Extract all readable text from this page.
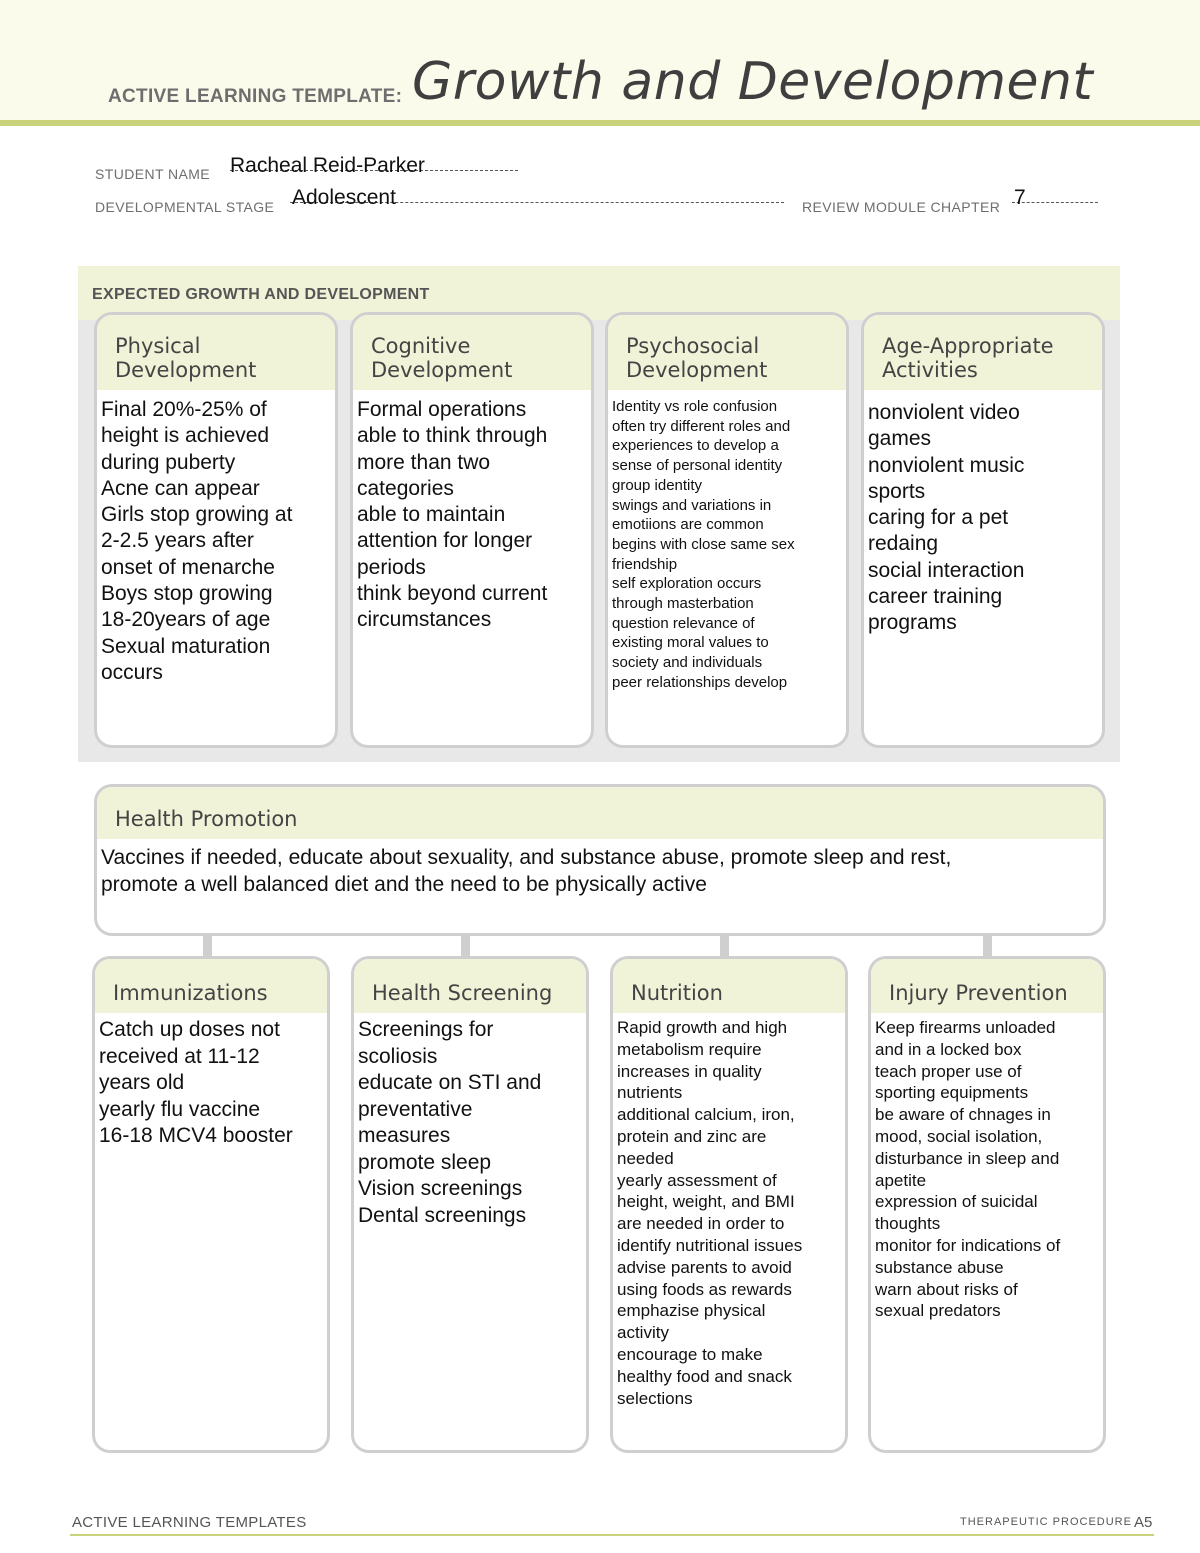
ACTIVE LEARNING TEMPLATE: Growth and Development
STUDENT NAME Racheal Reid-Parker
DEVELOPMENTAL STAGE Adolescent	REVIEW MODULE CHAPTER 7
EXPECTED GROWTH AND DEVELOPMENT
Physical
Development
Final 20%-25% of
height is achieved
during puberty
Acne can appear
Girls stop growing at
2-2.5 years after
onset of menarche
Boys stop growing
18-20years of age
Sexual maturation
occurs
Cognitive
Development
Formal operations
able to think through
more than two
categories
able to maintain
attention for longer
periods
think beyond current
circumstances
Psychosocial
Development
Identity vs role confusion
often try different roles and
experiences to develop a
sense of personal identity
group identity
swings and variations in
emotiions are common
begins with close same sex
friendship
self exploration occurs
through masterbation
question relevance of
existing moral values to
society and individuals
peer relationships develop
Age-Appropriate
Activities
nonviolent video
games
nonviolent music
sports
caring for a pet
redaing
social interaction
career training
programs
Health Promotion
Vaccines if needed, educate about sexuality, and substance abuse, promote sleep and rest,
promote a well balanced diet and the need to be physically active
Immunizations
Catch up doses not
received at 11-12
years old
yearly flu vaccine
16-18 MCV4 booster
Health Screening
Screenings for
scoliosis
educate on STI and
preventative
measures
promote sleep
Vision screenings
Dental screenings
Nutrition
Rapid growth and high
metabolism require
increases in quality
nutrients
additional calcium, iron,
protein and zinc are
needed
yearly assessment of
height, weight, and BMI
are needed in order to
identify nutritional issues
advise parents to avoid
using foods as rewards
emphazise physical
activity
encourage to make
healthy food and snack
selections
Injury Prevention
Keep firearms unloaded
and in a locked box
teach proper use of
sporting equipments
be aware of chnages in
mood, social isolation,
disturbance in sleep and
apetite
expression of suicidal
thoughts
monitor for indications of
substance abuse
warn about risks of
sexual predators
ACTIVE LEARNING TEMPLATES	THERAPEUTIC PROCEDURE A5
